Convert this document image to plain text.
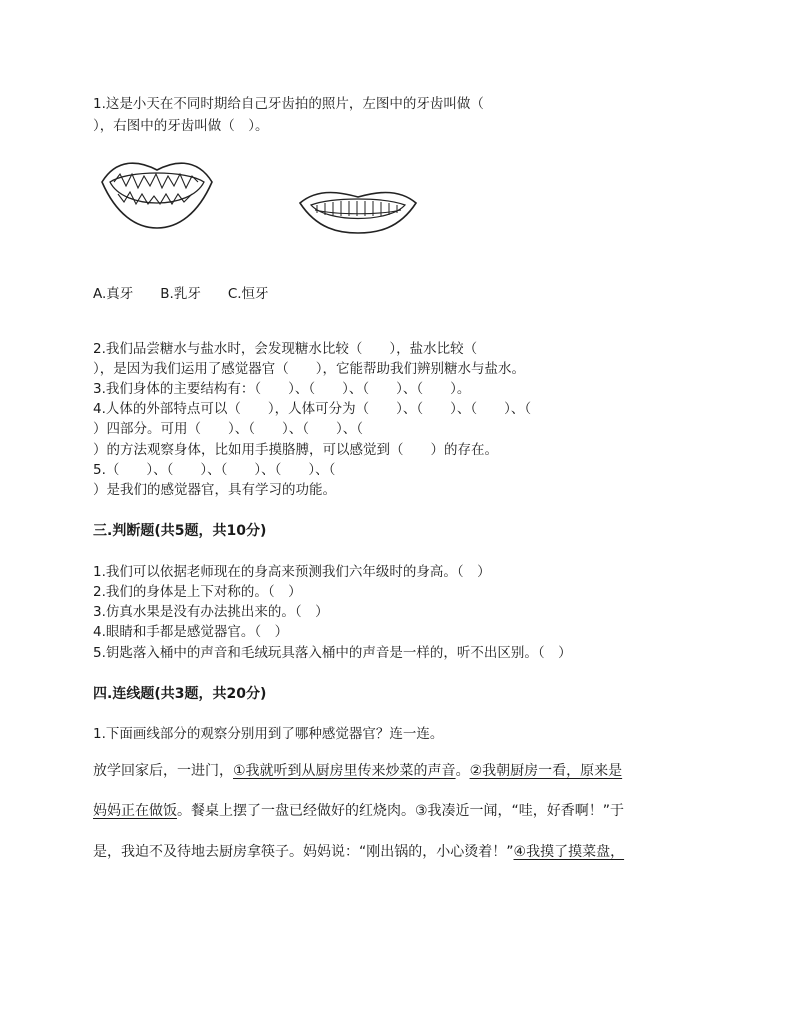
1.这是小天在不同时期给自己牙齿拍的照片，左图中的牙齿叫做（
），右图中的牙齿叫做（　）。
A.真牙　　B.乳牙　　C.恒牙
2.我们品尝糖水与盐水时，会发现糖水比较（　　），盐水比较（
），是因为我们运用了感觉器官（　　），它能帮助我们辨别糖水与盐水。
3.我们身体的主要结构有：（　　）、（　　）、（　　）、（　　）。
4.人体的外部特点可以（　　），人体可分为（　　）、（　　）、（　　）、（
）四部分。可用（　　）、（　　）、（　　）、（
）的方法观察身体，比如用手摸胳膊，可以感觉到（　　）的存在。
5.（　　）、（　　）、（　　）、（　　）、（
）是我们的感觉器官，具有学习的功能。
三.判断题(共5题，共10分)
1.我们可以依据老师现在的身高来预测我们六年级时的身高。（　）
2.我们的身体是上下对称的。（　）
3.仿真水果是没有办法挑出来的。（　）
4.眼睛和手都是感觉器官。（　）
5.钥匙落入桶中的声音和毛绒玩具落入桶中的声音是一样的，听不出区别。（　）
四.连线题(共3题，共20分)
1.下面画线部分的观察分别用到了哪种感觉器官？连一连。
放学回家后，一进门，①我就听到从厨房里传来炒菜的声音。②我朝厨房一看，原来是
妈妈正在做饭。餐桌上摆了一盘已经做好的红烧肉。③我凑近一闻，“哇，好香啊！”于
是，我迫不及待地去厨房拿筷子。妈妈说：“刚出锅的，小心烫着！”④我摸了摸菜盘，
